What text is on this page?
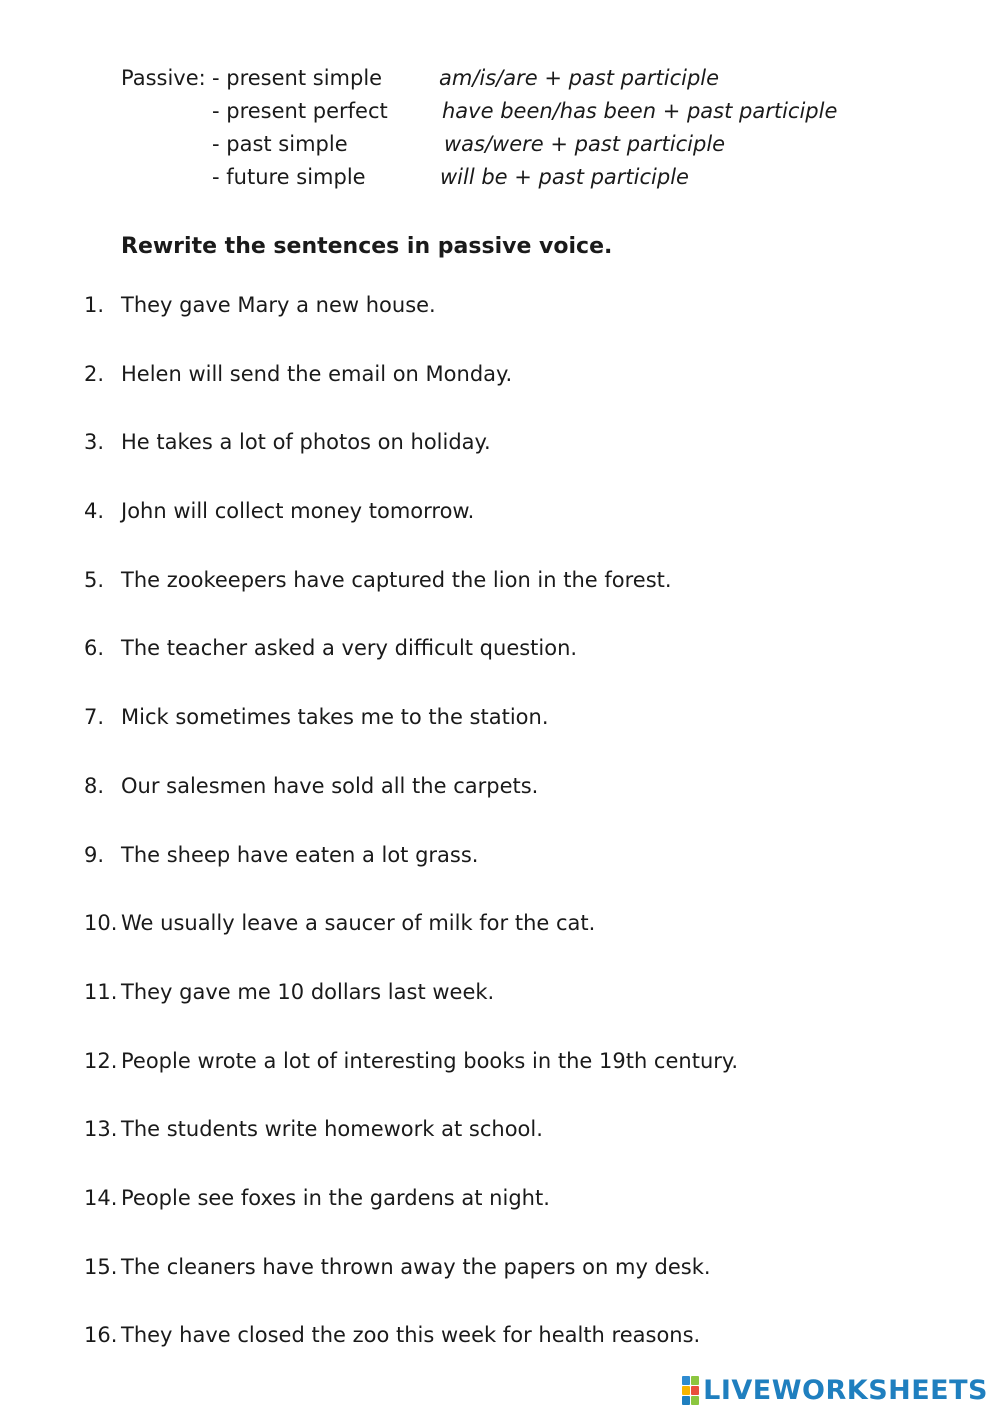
Passive: - present simple	am/is/are + past participle
- present perfect	have been/has been + past participle
- past simple	was/were + past participle
- future simple	will be + past participle
Rewrite the sentences in passive voice.
1. They gave Mary a new house.
2. Helen will send the email on Monday.
3. He takes a lot of photos on holiday.
4. John will collect money tomorrow.
5. The zookeepers have captured the lion in the forest.
6. The teacher asked a very difficult question.
7. Mick sometimes takes me to the station.
8. Our salesmen have sold all the carpets.
9. The sheep have eaten a lot grass.
10. We usually leave a saucer of milk for the cat.
11. They gave me 10 dollars last week.
12. People wrote a lot of interesting books in the 19th century.
13. The students write homework at school.
14. People see foxes in the gardens at night.
15. The cleaners have thrown away the papers on my desk.
16. They have closed the zoo this week for health reasons.
LIVEWORKSHEETS
